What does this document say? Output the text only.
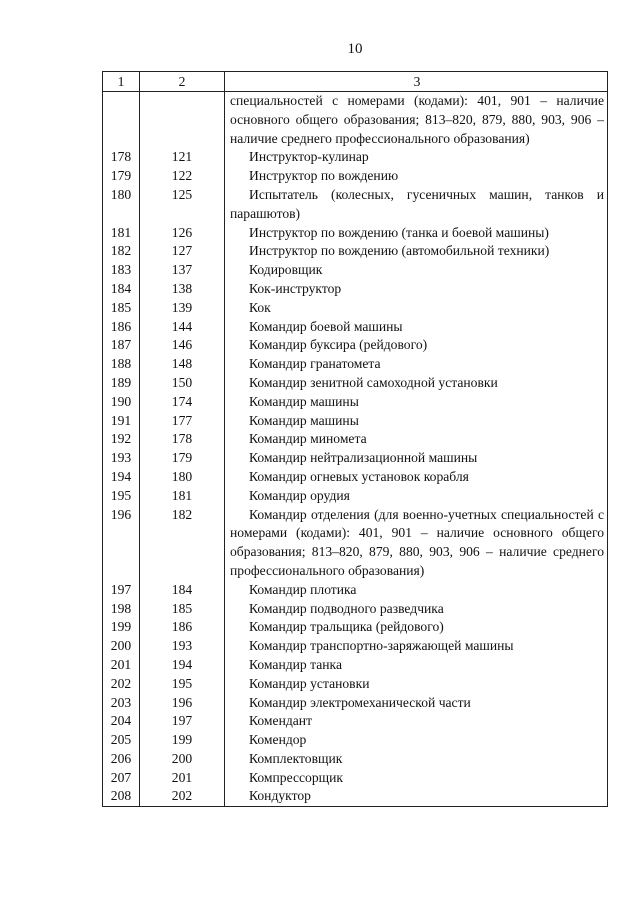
10
1	2	3

		специальностей с номерами (кодами): 401, 901 – наличие основного общего образования; 813–820, 879, 880, 903, 906 – наличие среднего профессионального образования)

178	121	Инструктор-кулинар

179	122	Инструктор по вождению

180	125	Испытатель (колесных, гусеничных машин, танков и парашютов)

181	126	Инструктор по вождению (танка и боевой машины)

182	127	Инструктор по вождению (автомобильной техники)

183	137	Кодировщик

184	138	Кок-инструктор

185	139	Кок

186	144	Командир боевой машины

187	146	Командир буксира (рейдового)

188	148	Командир гранатомета

189	150	Командир зенитной самоходной установки

190	174	Командир машины

191	177	Командир машины

192	178	Командир миномета

193	179	Командир нейтрализационной машины

194	180	Командир огневых установок корабля

195	181	Командир орудия

196	182	Командир отделения (для военно-учетных специальностей с номерами (кодами): 401, 901 – наличие основного общего образования; 813–820, 879, 880, 903, 906 – наличие среднего профессионального образования)

197	184	Командир плотика

198	185	Командир подводного разведчика

199	186	Командир тральщика (рейдового)

200	193	Командир транспортно-заряжающей машины

201	194	Командир танка

202	195	Командир установки

203	196	Командир электромеханической части

204	197	Комендант

205	199	Комендор

206	200	Комплектовщик

207	201	Компрессорщик

208	202	Кондуктор
